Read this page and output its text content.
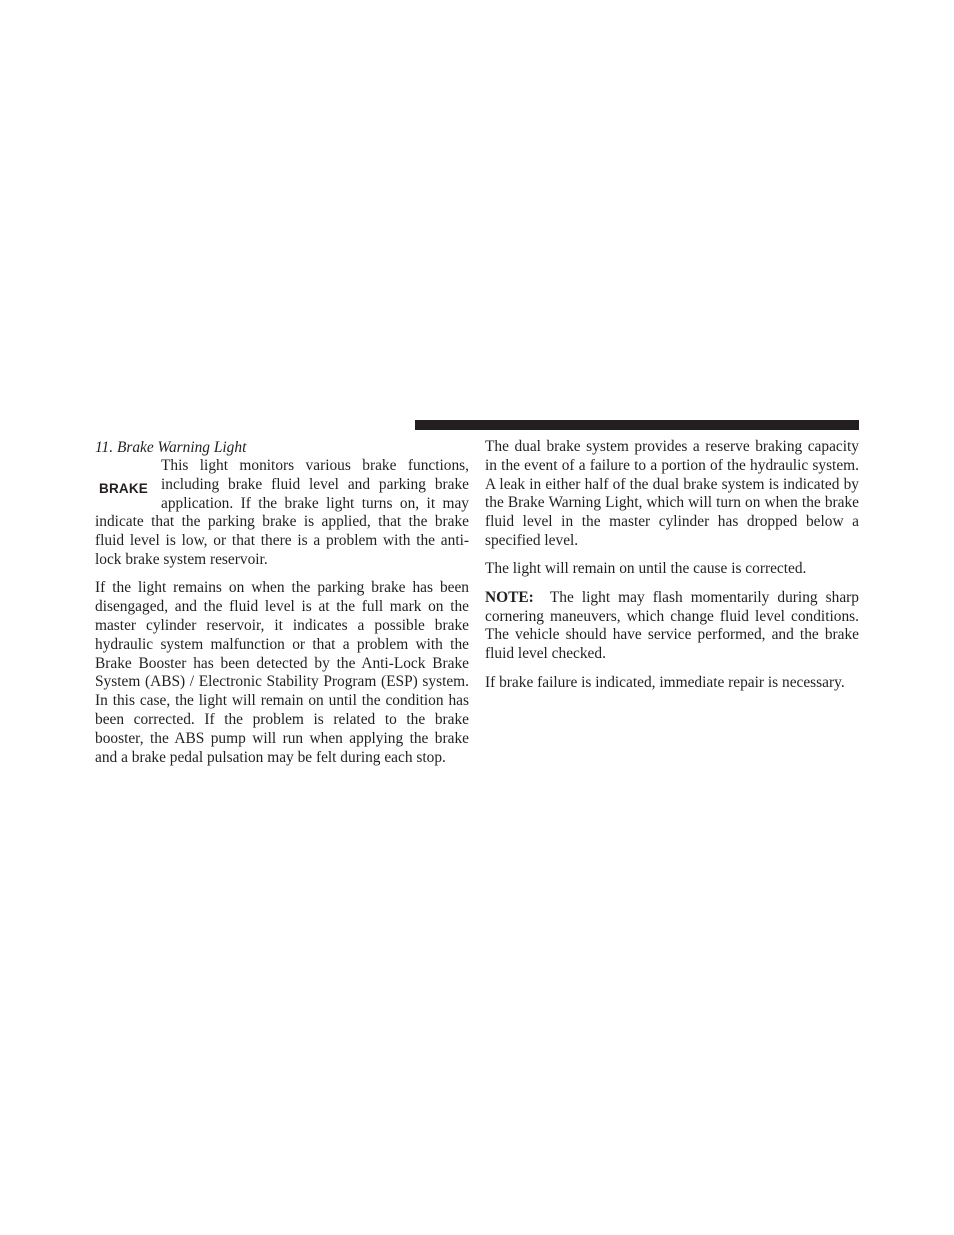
11. Brake Warning Light

BRAKE
This light monitors various brake functions, including brake fluid level and parking brake application. If the brake light turns on, it may indicate that the parking brake is applied, that the brake fluid level is low, or that there is a problem with the anti-lock brake system reservoir.

If the light remains on when the parking brake has been disengaged, and the fluid level is at the full mark on the master cylinder reservoir, it indicates a possible brake hydraulic system malfunction or that a problem with the Brake Booster has been detected by the Anti-Lock Brake System (ABS) / Electronic Stability Program (ESP) system. In this case, the light will remain on until the condition has been corrected. If the problem is related to the brake booster, the ABS pump will run when applying the brake and a brake pedal pulsation may be felt during each stop.

The dual brake system provides a reserve braking capacity in the event of a failure to a portion of the hydraulic system. A leak in either half of the dual brake system is indicated by the Brake Warning Light, which will turn on when the brake fluid level in the master cylinder has dropped below a specified level.

The light will remain on until the cause is corrected.

NOTE: The light may flash momentarily during sharp cornering maneuvers, which change fluid level conditions. The vehicle should have service performed, and the brake fluid level checked.

If brake failure is indicated, immediate repair is necessary.
